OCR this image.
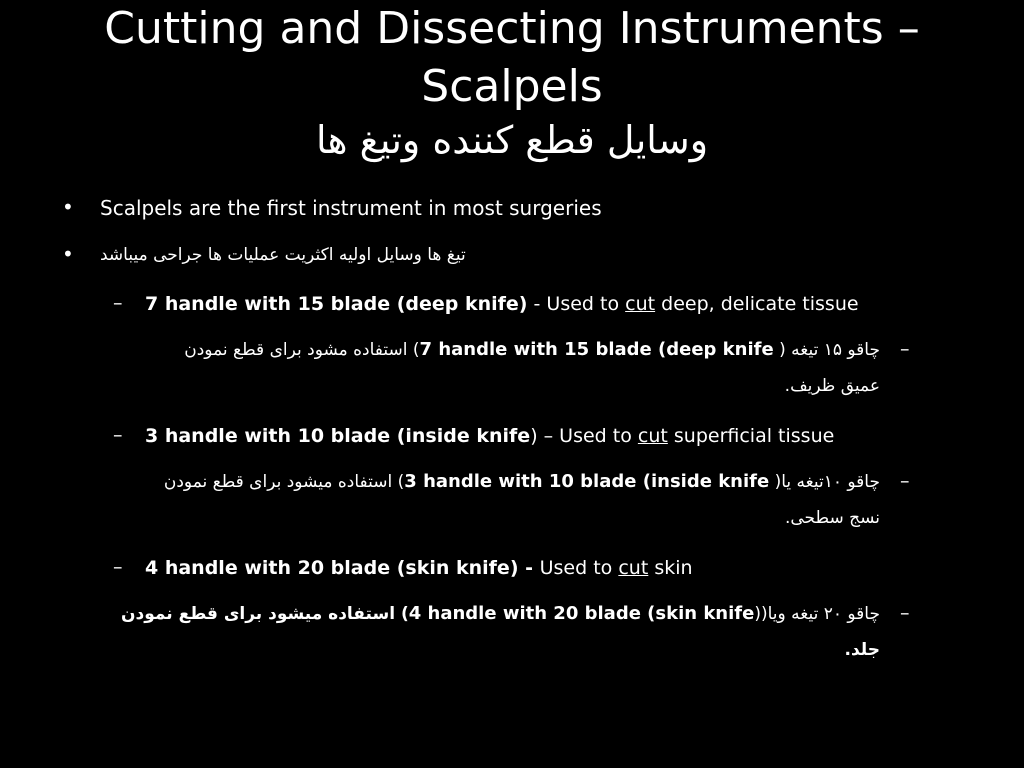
Cutting and Dissecting Instruments –
Scalpels
وسایل قطع کننده وتیغ ها
• Scalpels are the first instrument in most surgeries
• تیغ ها وسایل اولیه اکثریت عملیات ها جراحی میباشد
– 7 handle with 15 blade (deep knife) - Used to cut deep, delicate tissue
–
چاقو ۱۵ تیغه ( 7 handle with 15 blade (deep knife) استفاده مشود برای قطع نمودن
عمیق ظریف.
– 3 handle with 10 blade (inside knife) – Used to cut superficial tissue
–
چاقو ۱۰تیغه یا( 3 handle with 10 blade (inside knife) استفاده میشود برای قطع نمودن
نسج سطحی.
– 4 handle with 20 blade (skin knife) - Used to cut skin
–
چاقو ۲۰ تیغه ویا((4 handle with 20 blade (skin knife) استفاده میشود برای قطع نمودن
جلد.
